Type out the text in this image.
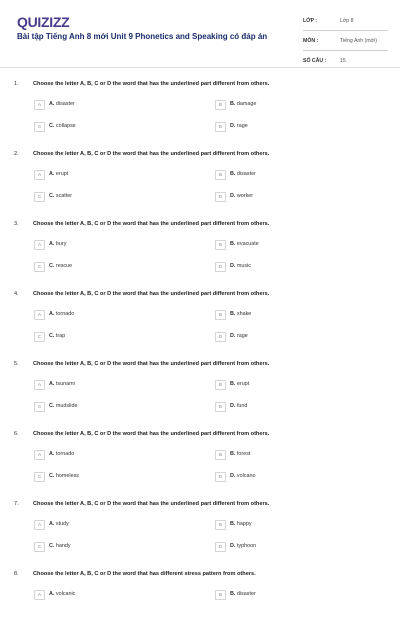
QUIZIZZ
Bài tập Tiếng Anh 8 mới Unit 9 Phonetics and Speaking có đáp án
LỚP :	Lớp 8
MÔN :	Tiếng Anh (mới)
SỐ CÂU :	15
1.	Choose the letter A, B, C or D the word that has the underlined part different from others.
A	A. disaster	B	B. damage
C	C. collapse	D	D. rage
2.	Choose the letter A, B, C or D the word that has the underlined part different from others.
A	A. erupt	B	B. disaster
C	C. scatter	D	D. worker
3.	Choose the letter A, B, C or D the word that has the underlined part different from others.
A	A. bury	B	B. evacuate
C	C. rescue	D	D. music
4.	Choose the letter A, B, C or D the word that has the underlined part different from others.
A	A. tornado	B	B. shake
C	C. trap	D	D. rage
5.	Choose the letter A, B, C or D the word that has the underlined part different from others.
A	A. tsunami	B	B. erupt
C	C. mudslide	D	D. fund
6.	Choose the letter A, B, C or D the word that has the underlined part different from others.
A	A. tornado	B	B. forest
C	C. homeless	D	D. volcano
7.	Choose the letter A, B, C or D the word that has the underlined part different from others.
A	A. study	B	B. happy
C	C. handy	D	D. typhoon
8.	Choose the letter A, B, C or D the word that has different stress pattern from others.
A	A. volcanic	B	B. disaster
